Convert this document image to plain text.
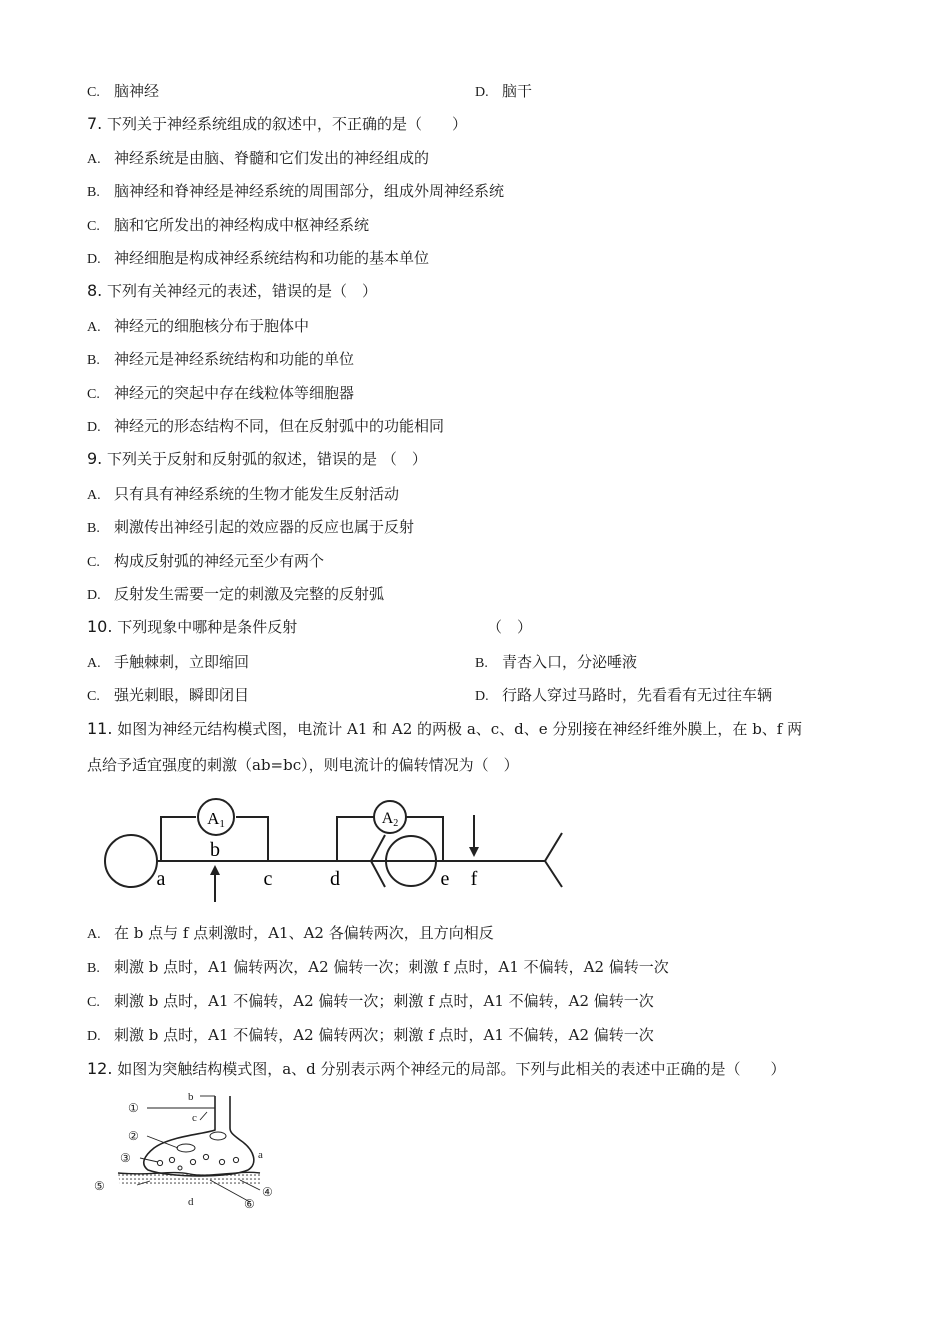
C. 脑神经	D. 脑干
7. 下列关于神经系统组成的叙述中，不正确的是（　　）
A. 神经系统是由脑、脊髓和它们发出的神经组成的
B. 脑神经和脊神经是神经系统的周围部分，组成外周神经系统
C. 脑和它所发出的神经构成中枢神经系统
D. 神经细胞是构成神经系统结构和功能的基本单位
8. 下列有关神经元的表述，错误的是（　）
A. 神经元的细胞核分布于胞体中
B. 神经元是神经系统结构和功能的单位
C. 神经元的突起中存在线粒体等细胞器
D. 神经元的形态结构不同，但在反射弧中的功能相同
9. 下列关于反射和反射弧的叙述，错误的是 （　）
A. 只有具有神经系统的生物才能发生反射活动
B. 刺激传出神经引起的效应器的反应也属于反射
C. 构成反射弧的神经元至少有两个
D. 反射发生需要一定的刺激及完整的反射弧
10. 下列现象中哪种是条件反射	（　）
A. 手触棘刺，立即缩回	B. 青杏入口，分泌唾液
C. 强光刺眼，瞬即闭目	D. 行路人穿过马路时，先看看有无过往车辆
11. 如图为神经元结构模式图，电流计 A1 和 A2 的两极 a、c、d、e 分别接在神经纤维外膜上，在 b、f 两
点给予适宜强度的刺激（ab=bc），则电流计的偏转情况为（　）
A1	A2
a
b
c	d	e f
A. 在 b 点与 f 点刺激时，A1、A2 各偏转两次，且方向相反
B. 刺激 b 点时，A1 偏转两次，A2 偏转一次；刺激 f 点时，A1 不偏转，A2 偏转一次
C. 刺激 b 点时，A1 不偏转，A2 偏转一次；刺激 f 点时，A1 不偏转，A2 偏转一次
D. 刺激 b 点时，A1 不偏转，A2 偏转两次；刺激 f 点时，A1 不偏转，A2 偏转一次
12. 如图为突触结构模式图，a、d 分别表示两个神经元的局部。下列与此相关的表述中正确的是（　　）
①
②
③
⑤	④
⑥
b
c
a
d
